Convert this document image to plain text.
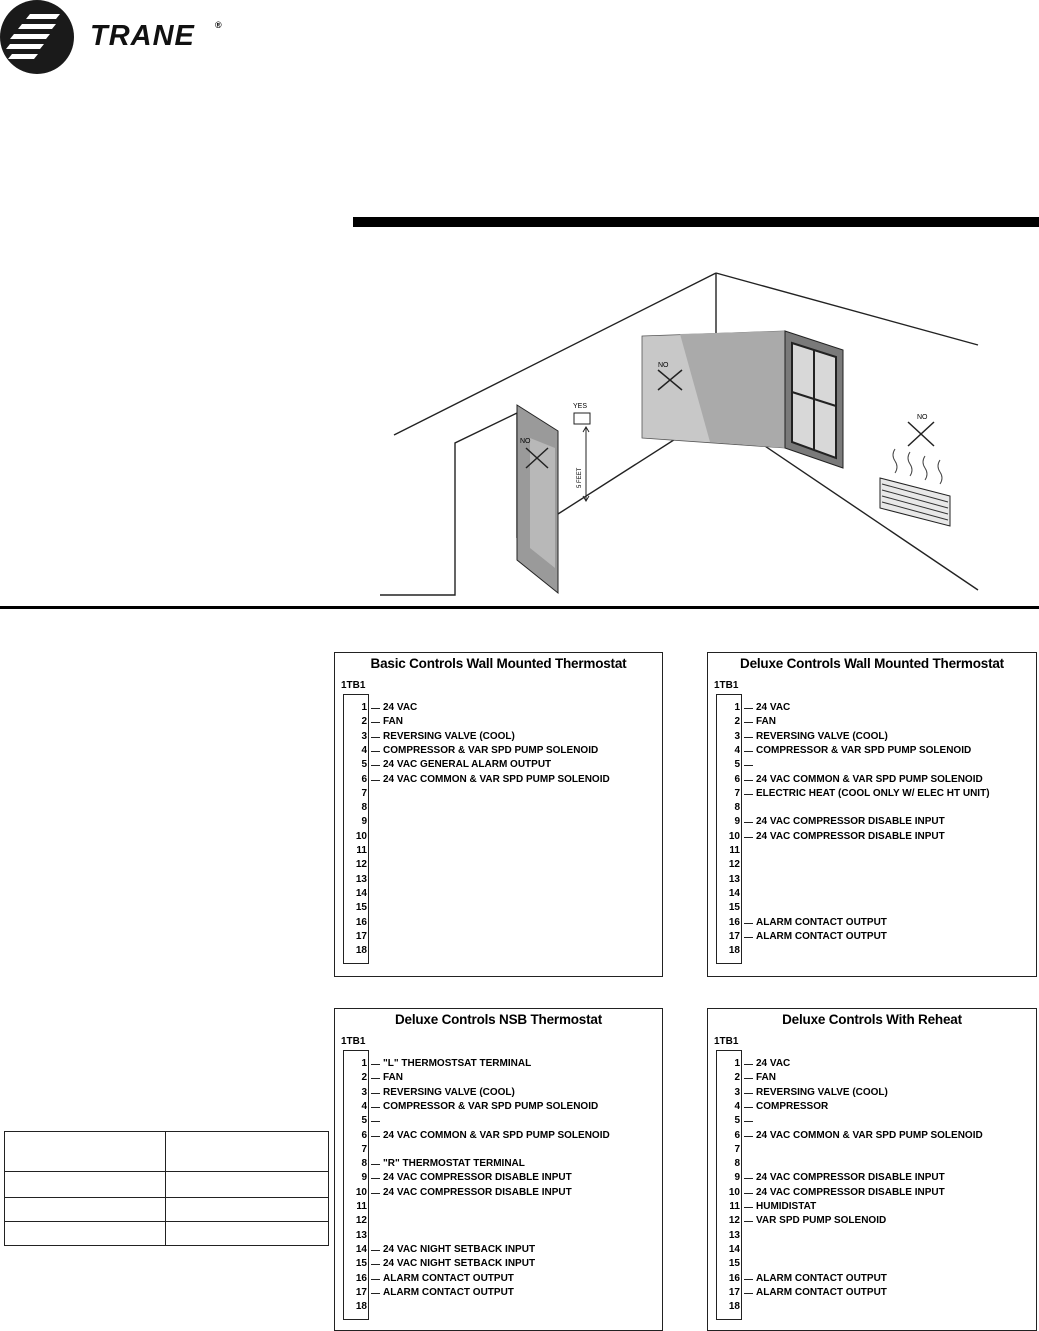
TRANE ®
NO
NO
YES
5 FEET
NO
Basic Controls Wall Mounted Thermostat
1TB1
1 24 VAC
2 FAN
3 REVERSING VALVE (COOL)
4 COMPRESSOR & VAR SPD PUMP SOLENOID
5 24 VAC GENERAL ALARM OUTPUT
6 24 VAC COMMON & VAR SPD PUMP SOLENOID
7
8
9
10
11
12
13
14
15
16
17
18
Deluxe Controls Wall Mounted Thermostat
1TB1
1 24 VAC
2 FAN
3 REVERSING VALVE (COOL)
4 COMPRESSOR & VAR SPD PUMP SOLENOID
5
6 24 VAC COMMON & VAR SPD PUMP SOLENOID
7 ELECTRIC HEAT (COOL ONLY W/ ELEC HT UNIT)
8
9 24 VAC COMPRESSOR DISABLE INPUT
10 24 VAC COMPRESSOR DISABLE INPUT
11
12
13
14
15
16 ALARM CONTACT OUTPUT
17 ALARM CONTACT OUTPUT
18
Deluxe Controls NSB Thermostat
1TB1
1 "L" THERMOSTSAT TERMINAL
2 FAN
3 REVERSING VALVE (COOL)
4 COMPRESSOR & VAR SPD PUMP SOLENOID
5
6 24 VAC COMMON & VAR SPD PUMP SOLENOID
7
8 "R" THERMOSTAT TERMINAL
9 24 VAC COMPRESSOR DISABLE INPUT
10 24 VAC COMPRESSOR DISABLE INPUT
11
12
13
14 24 VAC NIGHT SETBACK INPUT
15 24 VAC NIGHT SETBACK INPUT
16 ALARM CONTACT OUTPUT
17 ALARM CONTACT OUTPUT
18
Deluxe Controls With Reheat
1TB1
1 24 VAC
2 FAN
3 REVERSING VALVE (COOL)
4 COMPRESSOR
5
6 24 VAC COMMON & VAR SPD PUMP SOLENOID
7
8
9 24 VAC COMPRESSOR DISABLE INPUT
10 24 VAC COMPRESSOR DISABLE INPUT
11 HUMIDISTAT
12 VAR SPD PUMP SOLENOID
13
14
15
16 ALARM CONTACT OUTPUT
17 ALARM CONTACT OUTPUT
18
